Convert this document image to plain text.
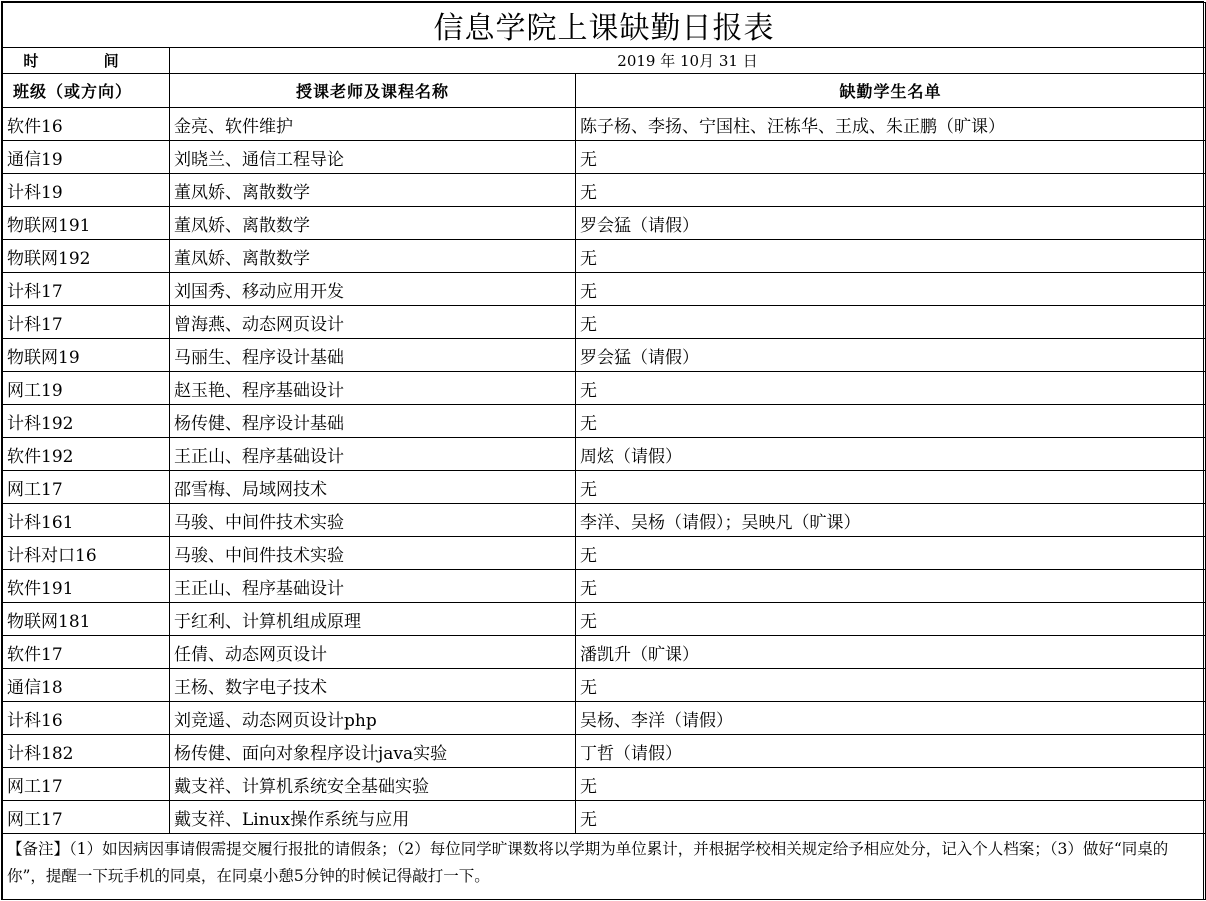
信息学院上课缺勤日报表		
时 间	2019 年 10月 31 日	
班级（或方向）	授课老师及课程名称	缺勤学生名单
软件16	金亮、软件维护	陈子杨、李扬、宁国柱、汪栋华、王成、朱正鹏（旷课）
通信19	刘晓兰、通信工程导论	无
计科19	董凤娇、离散数学	无
物联网191	董凤娇、离散数学	罗会猛（请假）
物联网192	董凤娇、离散数学	无
计科17	刘国秀、移动应用开发	无
计科17	曾海燕、动态网页设计	无
物联网19	马丽生、程序设计基础	罗会猛（请假）
网工19	赵玉艳、程序基础设计	无
计科192	杨传健、程序设计基础	无
软件192	王正山、程序基础设计	周炫（请假）
网工17	邵雪梅、局域网技术	无
计科161	马骏、中间件技术实验	李洋、吴杨（请假）；吴映凡（旷课）
计科对口16	马骏、中间件技术实验	无
软件191	王正山、程序基础设计	无
物联网181	于红利、计算机组成原理	无
软件17	任倩、动态网页设计	潘凯升（旷课）
通信18	王杨、数字电子技术	无
计科16	刘竞遥、动态网页设计php	吴杨、李洋（请假）
计科182	杨传健、面向对象程序设计java实验	丁哲（请假）
网工17	戴支祥、计算机系统安全基础实验	无
网工17	戴支祥、Linux操作系统与应用	无
【备注】（1）如因病因事请假需提交履行报批的请假条；（2）每位同学旷课数将以学期为单位累计，并根据学校相关规定给予相应处分，记入个人档案；（3）做好“同桌的你”，提醒一下玩手机的同桌，在同桌小憩5分钟的时候记得敲打一下。		
